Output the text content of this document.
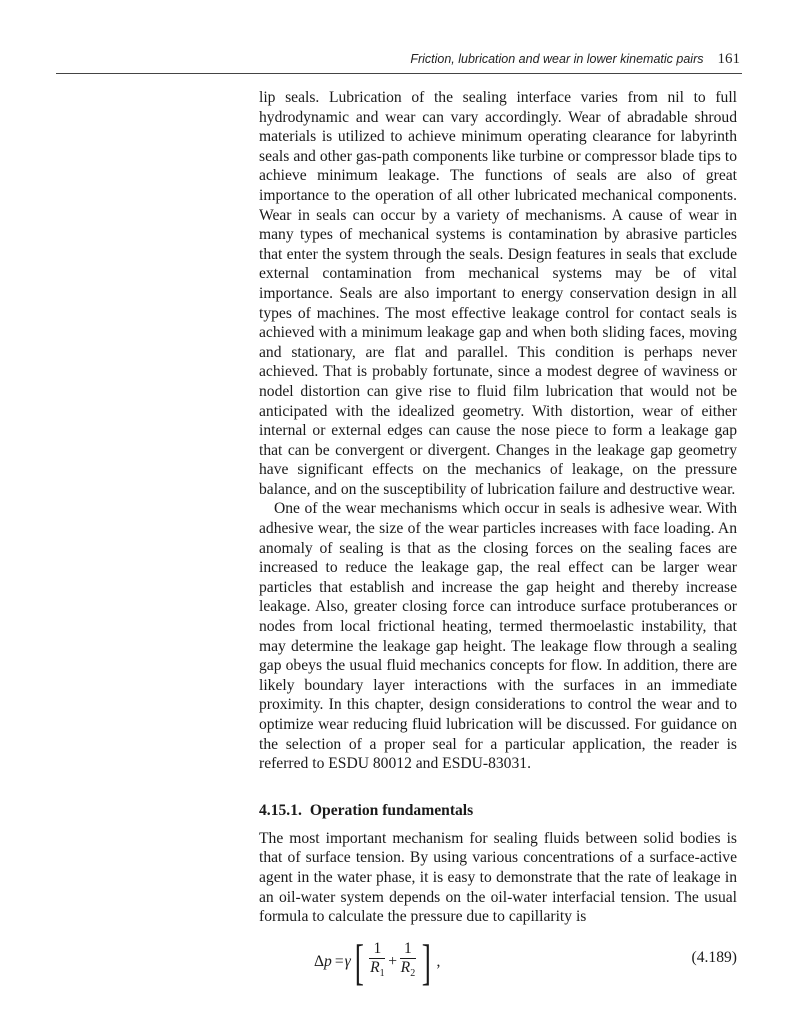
Friction, lubrication and wear in lower kinematic pairs 161

lip seals. Lubrication of the sealing interface varies from nil to full hydrodynamic and wear can vary accordingly. Wear of abradable shroud materials is utilized to achieve minimum operating clearance for labyrinth seals and other gas-path components like turbine or compressor blade tips to achieve minimum leakage. The functions of seals are also of great importance to the operation of all other lubricated mechanical components. Wear in seals can occur by a variety of mechanisms. A cause of wear in many types of mechanical systems is contamination by abrasive particles that enter the system through the seals. Design features in seals that exclude external contamination from mechanical systems may be of vital importance. Seals are also important to energy conservation design in all types of machines. The most effective leakage control for contact seals is achieved with a minimum leakage gap and when both sliding faces, moving and stationary, are flat and parallel. This condition is perhaps never achieved. That is probably fortunate, since a modest degree of waviness or nodel distortion can give rise to fluid film lubrication that would not be anticipated with the idealized geometry. With distortion, wear of either internal or external edges can cause the nose piece to form a leakage gap that can be convergent or divergent. Changes in the leakage gap geometry have significant effects on the mechanics of leakage, on the pressure balance, and on the susceptibility of lubrication failure and destructive wear.

One of the wear mechanisms which occur in seals is adhesive wear. With adhesive wear, the size of the wear particles increases with face loading. An anomaly of sealing is that as the closing forces on the sealing faces are increased to reduce the leakage gap, the real effect can be larger wear particles that establish and increase the gap height and thereby increase leakage. Also, greater closing force can introduce surface protuberances or nodes from local frictional heating, termed thermoelastic instability, that may determine the leakage gap height. The leakage flow through a sealing gap obeys the usual fluid mechanics concepts for flow. In addition, there are likely boundary layer interactions with the surfaces in an immediate proximity. In this chapter, design considerations to control the wear and to optimize wear reducing fluid lubrication will be discussed. For guidance on the selection of a proper seal for a particular application, the reader is referred to ESDU 80012 and ESDU-83031.

4.15.1. Operation fundamentals

The most important mechanism for sealing fluids between solid bodies is that of surface tension. By using various concentrations of a surface-active agent in the water phase, it is easy to demonstrate that the rate of leakage in an oil-water system depends on the oil-water interfacial tension. The usual formula to calculate the pressure due to capillarity is

Δp = γ [ $\frac{1}{R_1} + \frac{1}{R_2}$ ] ,	(4.189)
